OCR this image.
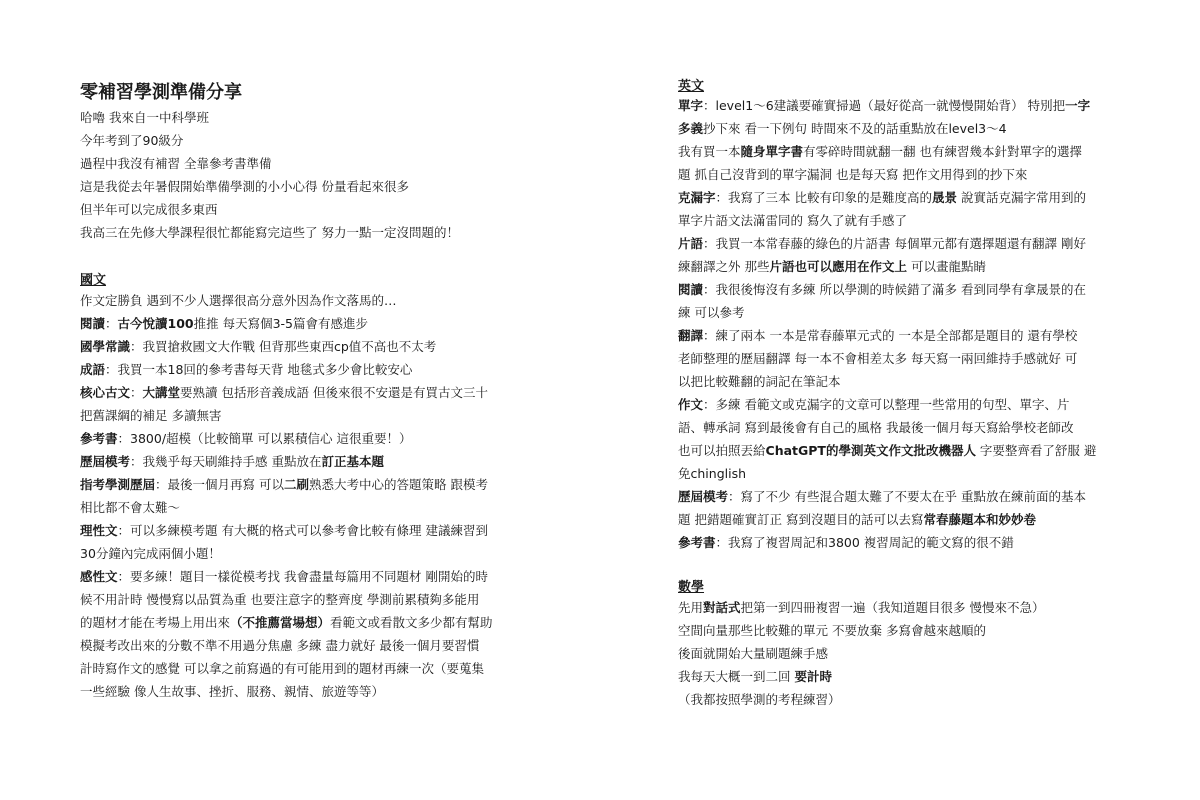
零補習學測準備分享
哈嚕 我來自一中科學班
今年考到了90級分
過程中我沒有補習 全靠參考書準備
這是我從去年暑假開始準備學測的小小心得 份量看起來很多
但半年可以完成很多東西
我高三在先修大學課程很忙都能寫完這些了 努力一點一定沒問題的！
國文
作文定勝負 遇到不少人選擇很高分意外因為作文落馬的…
閱讀：古今悅讀100推推 每天寫個3-5篇會有感進步
國學常識：我買搶救國文大作戰 但背那些東西cp值不高也不太考
成語：我買一本18回的參考書每天背 地毯式多少會比較安心
核心古文：大講堂要熟讀 包括形音義成語 但後來很不安還是有買古文三十
把舊課綱的補足 多讀無害
參考書：3800/超模（比較簡單 可以累積信心 這很重要！）
歷屆模考：我幾乎每天刷維持手感 重點放在訂正基本題
指考學測歷屆：最後一個月再寫 可以二刷熟悉大考中心的答題策略 跟模考
相比都不會太難～
理性文：可以多練模考題 有大概的格式可以參考會比較有條理 建議練習到
30分鐘內完成兩個小題！
感性文：要多練！題目一樣從模考找 我會盡量每篇用不同題材 剛開始的時
候不用計時 慢慢寫以品質為重 也要注意字的整齊度 學測前累積夠多能用
的題材才能在考場上用出來（不推薦當場想）看範文或看散文多少都有幫助
模擬考改出來的分數不準不用過分焦慮 多練 盡力就好 最後一個月要習慣
計時寫作文的感覺 可以拿之前寫過的有可能用到的題材再練一次（要蒐集
一些經驗 像人生故事、挫折、服務、親情、旅遊等等）
英文
單字：level1～6建議要確實掃過（最好從高一就慢慢開始背） 特別把一字
多義抄下來 看一下例句 時間來不及的話重點放在level3～4
我有買一本隨身單字書有零碎時間就翻一翻 也有練習幾本針對單字的選擇
題 抓自己沒背到的單字漏洞 也是每天寫 把作文用得到的抄下來
克漏字：我寫了三本 比較有印象的是難度高的晟景 說實話克漏字常用到的
單字片語文法滿雷同的 寫久了就有手感了
片語：我買一本常春藤的綠色的片語書 每個單元都有選擇題還有翻譯 剛好
練翻譯之外 那些片語也可以應用在作文上 可以畫龍點睛
閱讀：我很後悔沒有多練 所以學測的時候錯了滿多 看到同學有拿晟景的在
練 可以參考
翻譯：練了兩本 一本是常春藤單元式的 一本是全部都是題目的 還有學校
老師整理的歷屆翻譯 每一本不會相差太多 每天寫一兩回維持手感就好 可
以把比較難翻的詞記在筆記本
作文：多練 看範文或克漏字的文章可以整理一些常用的句型、單字、片
語、轉承詞 寫到最後會有自己的風格 我最後一個月每天寫給學校老師改
也可以拍照丟給ChatGPT的學測英文作文批改機器人 字要整齊看了舒服 避
免chinglish
歷屆模考：寫了不少 有些混合題太難了不要太在乎 重點放在練前面的基本
題 把錯題確實訂正 寫到沒題目的話可以去寫常春藤題本和妙妙卷
參考書：我寫了複習周記和3800 複習周記的範文寫的很不錯
數學
先用對話式把第一到四冊複習一遍（我知道題目很多 慢慢來不急）
空間向量那些比較難的單元 不要放棄 多寫會越來越順的
後面就開始大量刷題練手感
我每天大概一到二回 要計時
（我都按照學測的考程練習）
